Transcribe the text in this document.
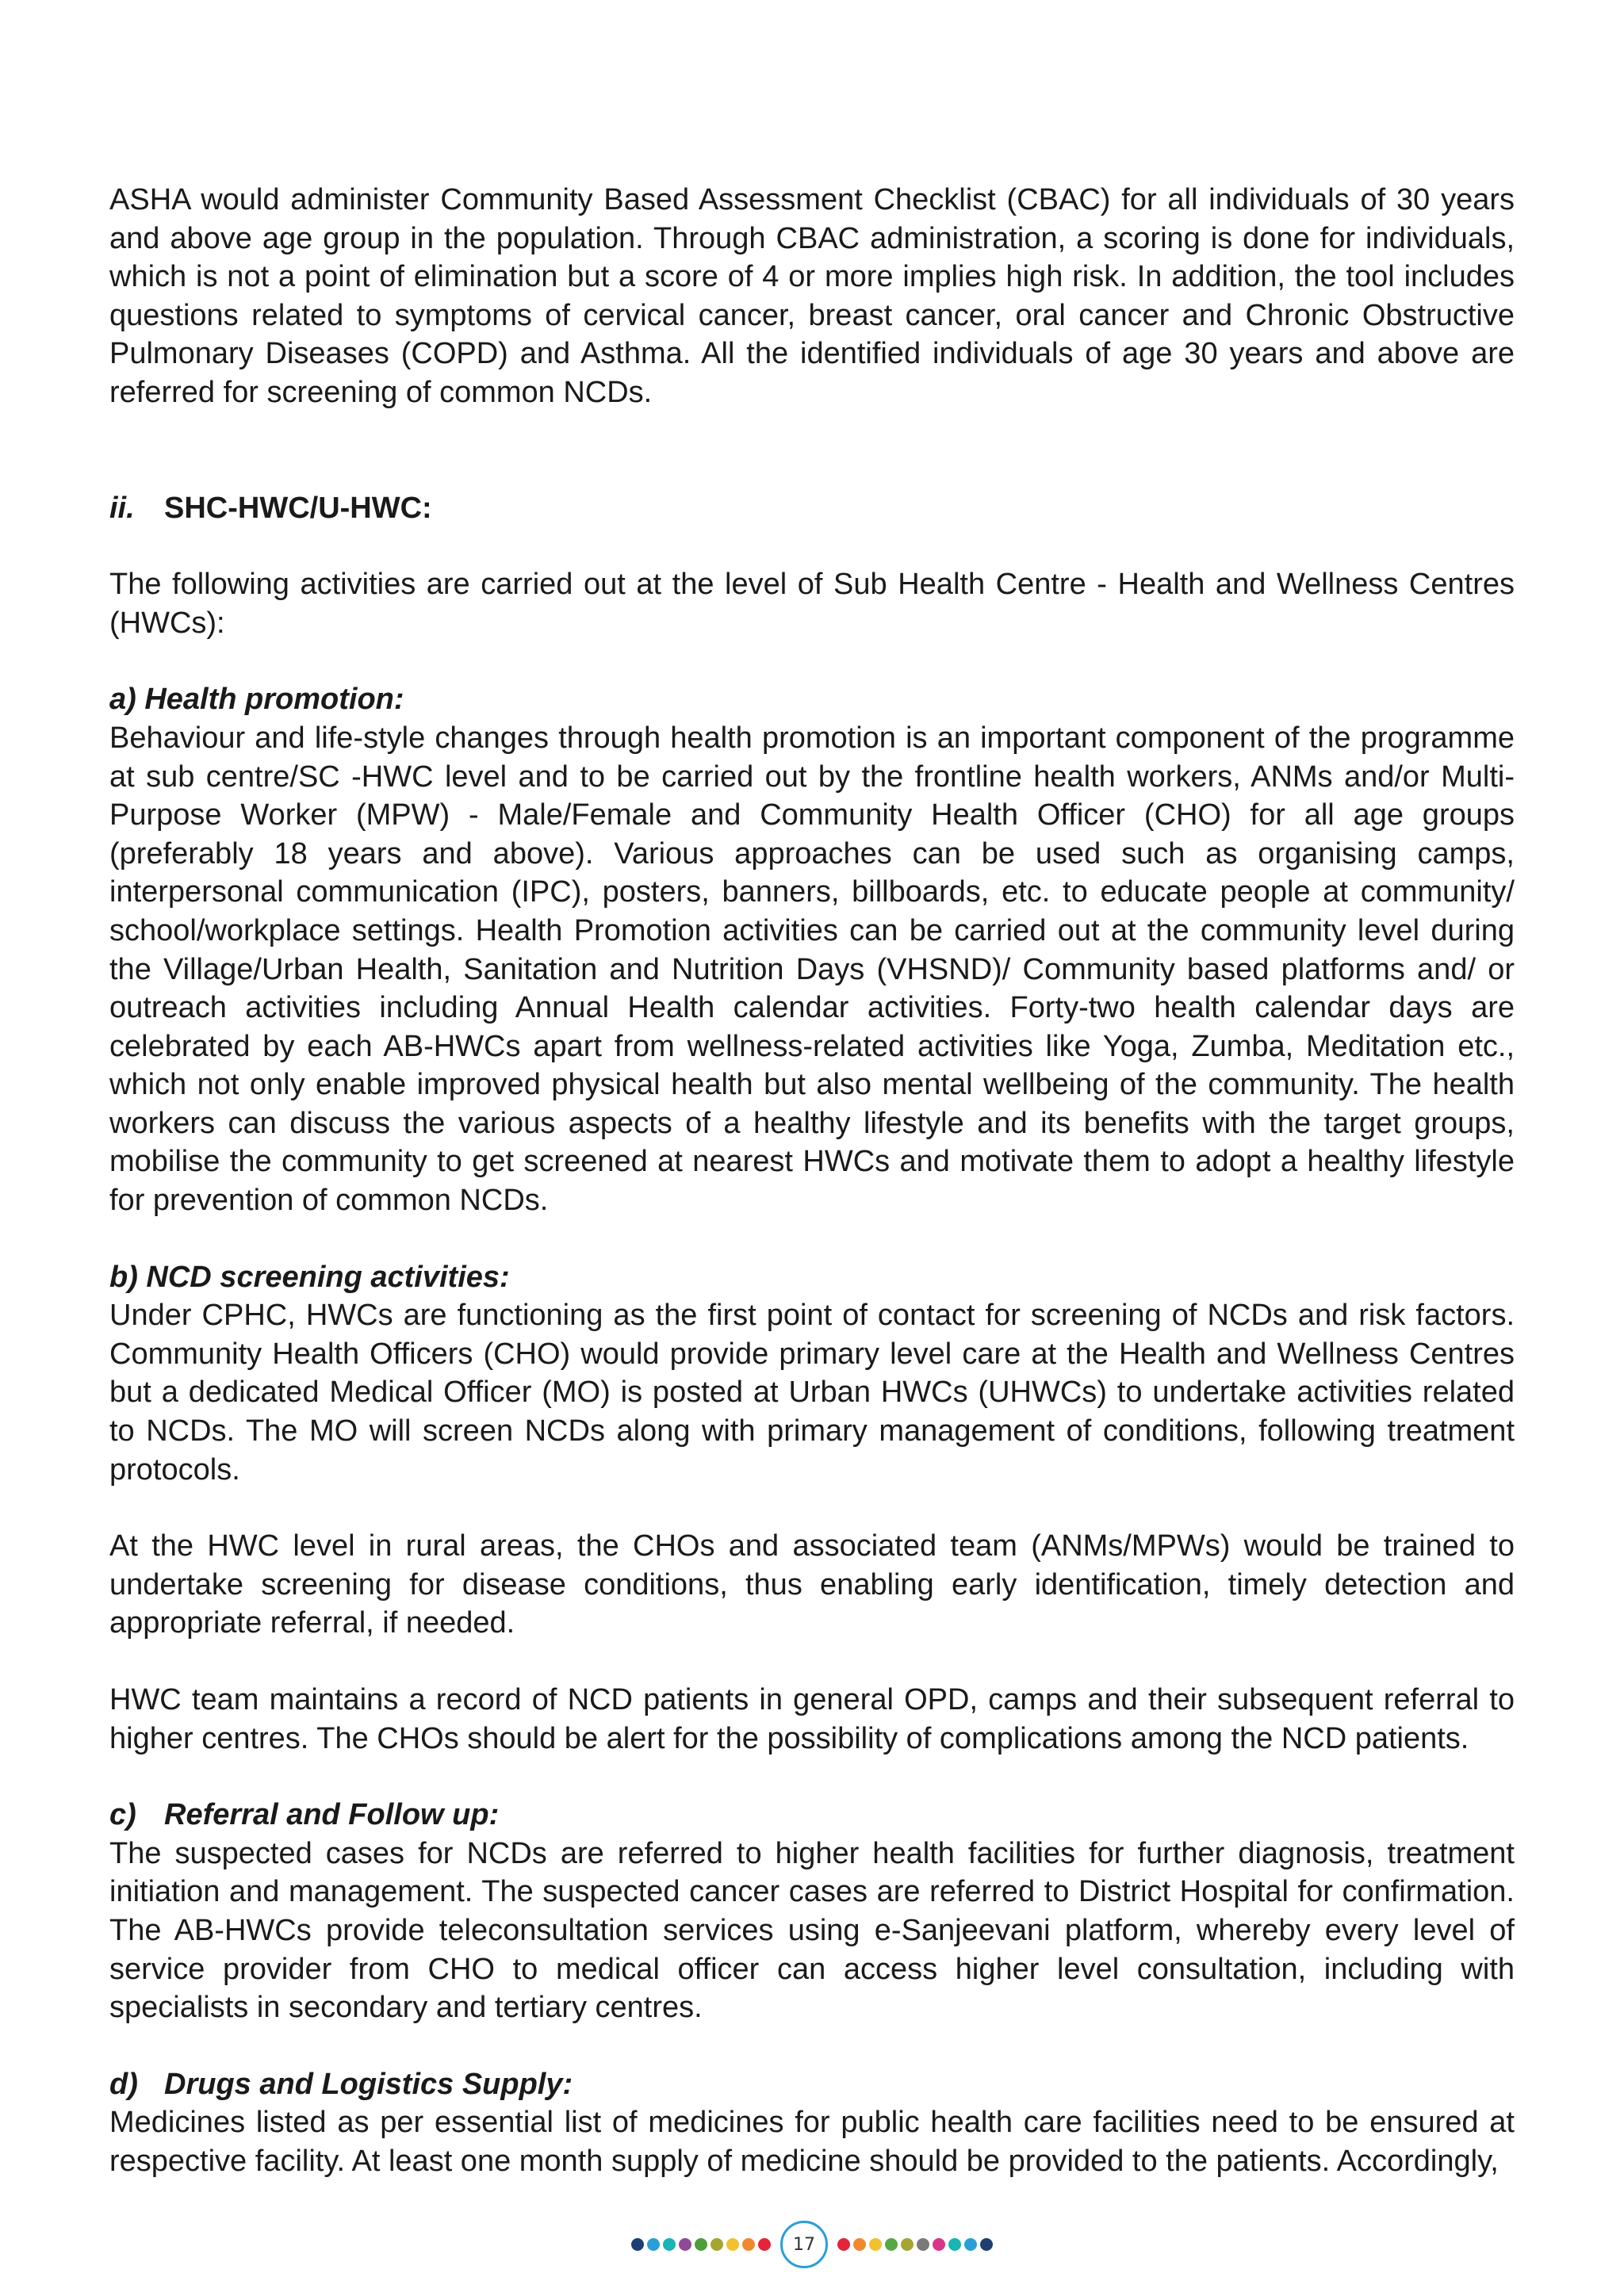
ASHA would administer Community Based Assessment Checklist (CBAC) for all individuals of 30 years and above age group in the population. Through CBAC administration, a scoring is done for individuals, which is not a point of elimination but a score of 4 or more implies high risk. In addition, the tool includes questions related to symptoms of cervical cancer, breast cancer, oral cancer and Chronic Obstructive Pulmonary Diseases (COPD) and Asthma. All the identified individuals of age 30 years and above are referred for screening of common NCDs.

ii. SHC-HWC/U-HWC:

The following activities are carried out at the level of Sub Health Centre - Health and Wellness Centres (HWCs):

a) Health promotion:

Behaviour and life-style changes through health promotion is an important component of the programme at sub centre/SC -HWC level and to be carried out by the frontline health workers, ANMs and/or Multi-Purpose Worker (MPW) - Male/Female and Community Health Officer (CHO) for all age groups (preferably 18 years and above). Various approaches can be used such as organising camps, interpersonal communication (IPC), posters, banners, billboards, etc. to educate people at community/ school/workplace settings. Health Promotion activities can be carried out at the community level during the Village/Urban Health, Sanitation and Nutrition Days (VHSND)/ Community based platforms and/ or outreach activities including Annual Health calendar activities. Forty-two health calendar days are celebrated by each AB-HWCs apart from wellness-related activities like Yoga, Zumba, Meditation etc., which not only enable improved physical health but also mental wellbeing of the community. The health workers can discuss the various aspects of a healthy lifestyle and its benefits with the target groups, mobilise the community to get screened at nearest HWCs and motivate them to adopt a healthy lifestyle for prevention of common NCDs.

b) NCD screening activities:

Under CPHC, HWCs are functioning as the first point of contact for screening of NCDs and risk factors. Community Health Officers (CHO) would provide primary level care at the Health and Wellness Centres but a dedicated Medical Officer (MO) is posted at Urban HWCs (UHWCs) to undertake activities related to NCDs. The MO will screen NCDs along with primary management of conditions, following treatment protocols.

At the HWC level in rural areas, the CHOs and associated team (ANMs/MPWs) would be trained to undertake screening for disease conditions, thus enabling early identification, timely detection and appropriate referral, if needed.

HWC team maintains a record of NCD patients in general OPD, camps and their subsequent referral to higher centres. The CHOs should be alert for the possibility of complications among the NCD patients.

c) Referral and Follow up:

The suspected cases for NCDs are referred to higher health facilities for further diagnosis, treatment initiation and management. The suspected cancer cases are referred to District Hospital for confirmation. The AB-HWCs provide teleconsultation services using e-Sanjeevani platform, whereby every level of service provider from CHO to medical officer can access higher level consultation, including with specialists in secondary and tertiary centres.

d) Drugs and Logistics Supply:

Medicines listed as per essential list of medicines for public health care facilities need to be ensured at respective facility. At least one month supply of medicine should be provided to the patients. Accordingly,

17
